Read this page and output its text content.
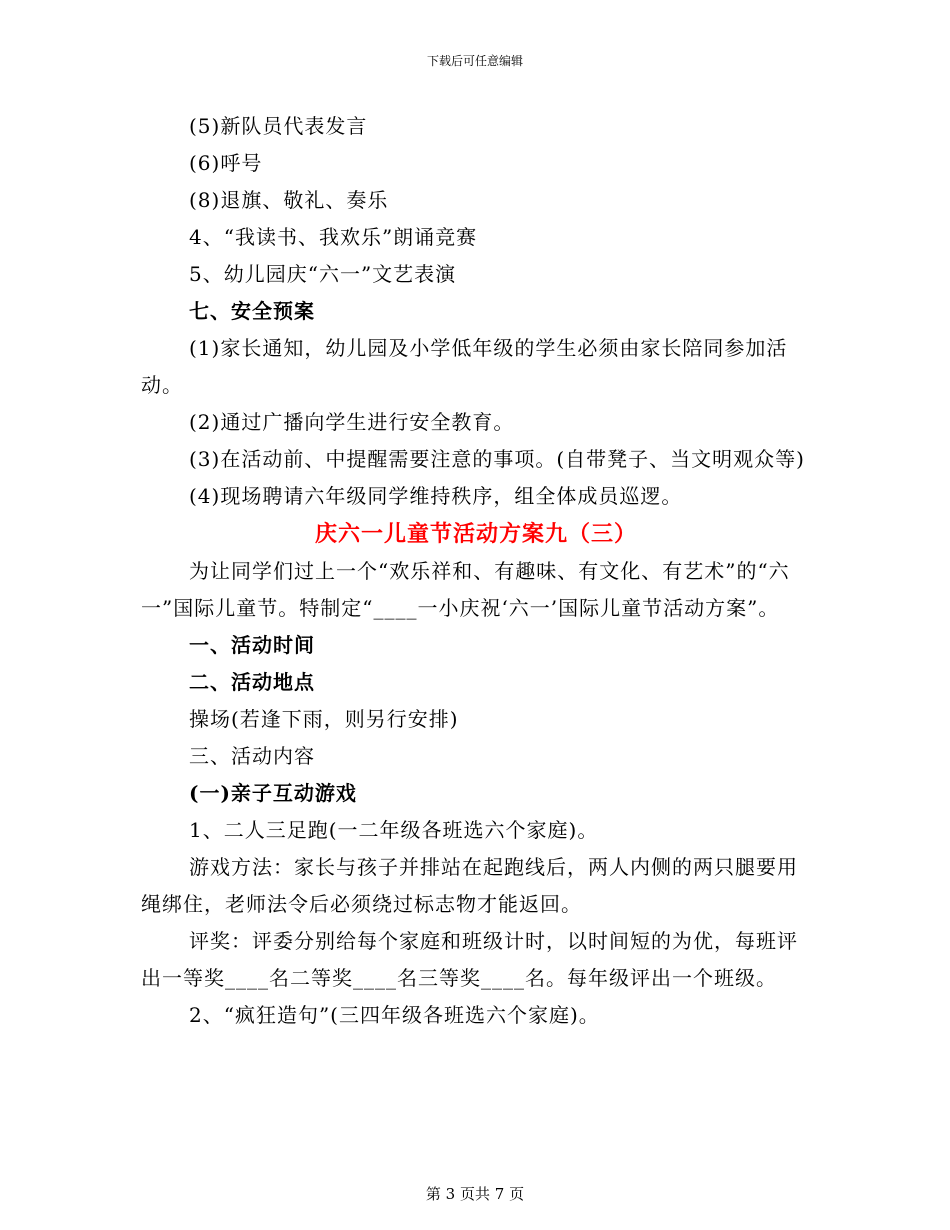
下载后可任意编辑

(5)新队员代表发言

(6)呼号

(8)退旗、敬礼、奏乐

4、“我读书、我欢乐”朗诵竞赛

5、幼儿园庆“六一”文艺表演

七、安全预案

(1)家长通知，幼儿园及小学低年级的学生必须由家长陪同参加活动。

(2)通过广播向学生进行安全教育。

(3)在活动前、中提醒需要注意的事项。(自带凳子、当文明观众等)

(4)现场聘请六年级同学维持秩序，组全体成员巡逻。

庆六一儿童节活动方案九（三）

为让同学们过上一个“欢乐祥和、有趣味、有文化、有艺术”的“六一”国际儿童节。特制定“____一小庆祝‘六一’国际儿童节活动方案”。

一、活动时间

二、活动地点

操场(若逢下雨，则另行安排)

三、活动内容

(一)亲子互动游戏

1、二人三足跑(一二年级各班选六个家庭)。

游戏方法：家长与孩子并排站在起跑线后，两人内侧的两只腿要用绳绑住，老师法令后必须绕过标志物才能返回。

评奖：评委分别给每个家庭和班级计时，以时间短的为优，每班评出一等奖____名二等奖____名三等奖____名。每年级评出一个班级。

2、“疯狂造句”(三四年级各班选六个家庭)。

第 3 页共 7 页
